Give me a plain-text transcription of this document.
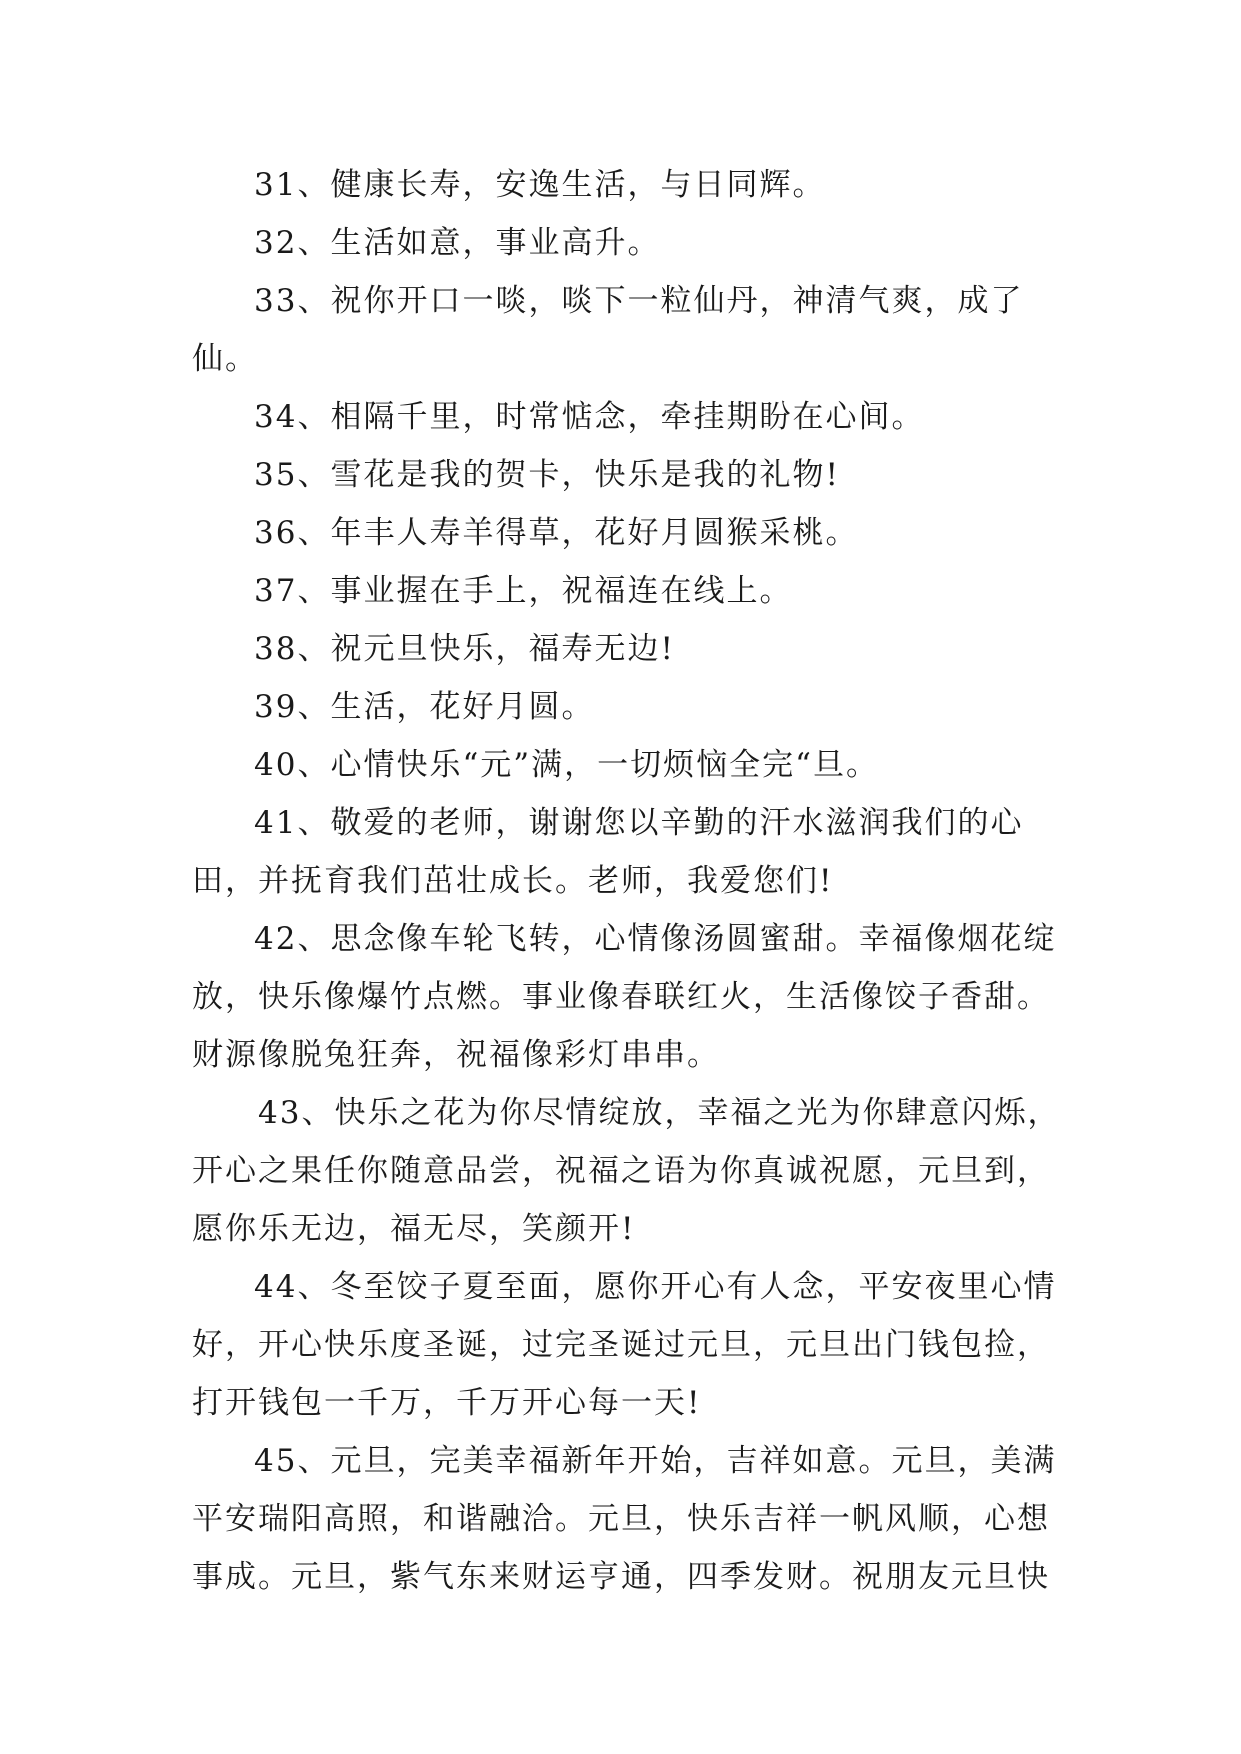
31、健康长寿，安逸生活，与日同辉。

32、生活如意，事业高升。

33、祝你开口一啖，啖下一粒仙丹，神清气爽，成了仙。

34、相隔千里，时常惦念，牵挂期盼在心间。

35、雪花是我的贺卡，快乐是我的礼物!

36、年丰人寿羊得草，花好月圆猴采桃。

37、事业握在手上，祝福连在线上。

38、祝元旦快乐，福寿无边!

39、生活，花好月圆。

40、心情快乐“元”满，一切烦恼全完“旦。

41、敬爱的老师，谢谢您以辛勤的汗水滋润我们的心田，并抚育我们茁壮成长。老师，我爱您们!

42、思念像车轮飞转，心情像汤圆蜜甜。幸福像烟花绽放，快乐像爆竹点燃。事业像春联红火，生活像饺子香甜。财源像脱兔狂奔，祝福像彩灯串串。

43、快乐之花为你尽情绽放，幸福之光为你肆意闪烁，开心之果任你随意品尝，祝福之语为你真诚祝愿，元旦到，愿你乐无边，福无尽，笑颜开!

44、冬至饺子夏至面，愿你开心有人念，平安夜里心情好，开心快乐度圣诞，过完圣诞过元旦，元旦出门钱包捡，打开钱包一千万，千万开心每一天!

45、元旦，完美幸福新年开始，吉祥如意。元旦，美满平安瑞阳高照，和谐融洽。元旦，快乐吉祥一帆风顺，心想事成。元旦，紫气东来财运亨通，四季发财。祝朋友元旦快
